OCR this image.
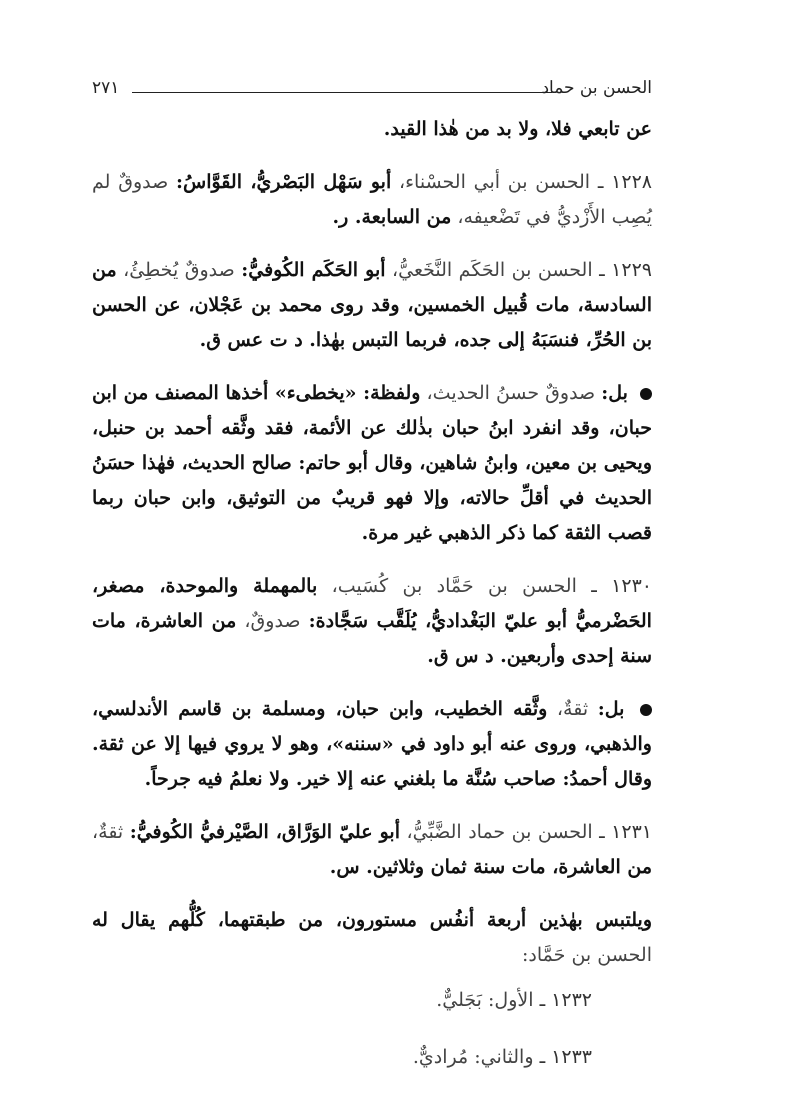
الحسن بن حماد
٢٧١

عن تابعي فلا، ولا بد من هٰذا القيد.

١٢٢٨ ـ الحسن بن أبي الحسْناء، أبو سَهْل البَصْريُّ، القَوَّاسُ: صدوقٌ لم يُصِب الأَزْديُّ في تَضْعيفه، من السابعة. ر.

١٢٢٩ ـ الحسن بن الحَكَم النَّخَعيُّ، أبو الحَكَم الكُوفيُّ: صدوقٌ يُخطِئُ، من السادسة، مات قُبيل الخمسين، وقد روى محمد بن عَجْلان، عن الحسن بن الحُرِّ، فنسَبَهُ إلى جده، فربما التبس بهٰذا. د ت عس ق.

بل: صدوقٌ حسنُ الحديث، ولفظة: «يخطىء» أخذها المصنف من ابن حبان، وقد انفرد ابنُ حبان بذٰلك عن الأئمة، فقد وثَّقه أحمد بن حنبل، ويحيى بن معين، وابنُ شاهين، وقال أبو حاتم: صالح الحديث، فهٰذا حسَنُ الحديث في أقلِّ حالاته، وإلا فهو قريبٌ من التوثيق، وابن حبان ربما قصب الثقة كما ذكر الذهبي غير مرة.

١٢٣٠ ـ الحسن بن حَمَّاد بن كُسَيب، بالمهملة والموحدة، مصغر، الحَضْرميُّ أبو عليّ البَغْداديُّ، يُلَقَّب سَجَّادة: صدوقٌ، من العاشرة، مات سنة إحدى وأربعين. د س ق.

بل: ثقةٌ، وثَّقه الخطيب، وابن حبان، ومسلمة بن قاسم الأندلسي، والذهبي، وروى عنه أبو داود في «سننه»، وهو لا يروي فيها إلا عن ثقة. وقال أحمدُ: صاحب سُنَّة ما بلغني عنه إلا خير. ولا نعلمُ فيه جرحاً.

١٢٣١ ـ الحسن بن حماد الضَّبِّيُّ، أبو عليّ الوَرَّاق، الصَّيْرفيُّ الكُوفيُّ: ثقةٌ، من العاشرة، مات سنة ثمان وثلاثين. س.

ويلتبس بهٰذين أربعة أنفُس مستورون، من طبقتهما، كُلُّهم يقال له الحسن بن حَمَّاد:

١٢٣٢ ـ الأول: بَجَليٌّ.

١٢٣٣ ـ والثاني: مُراديٌّ.
